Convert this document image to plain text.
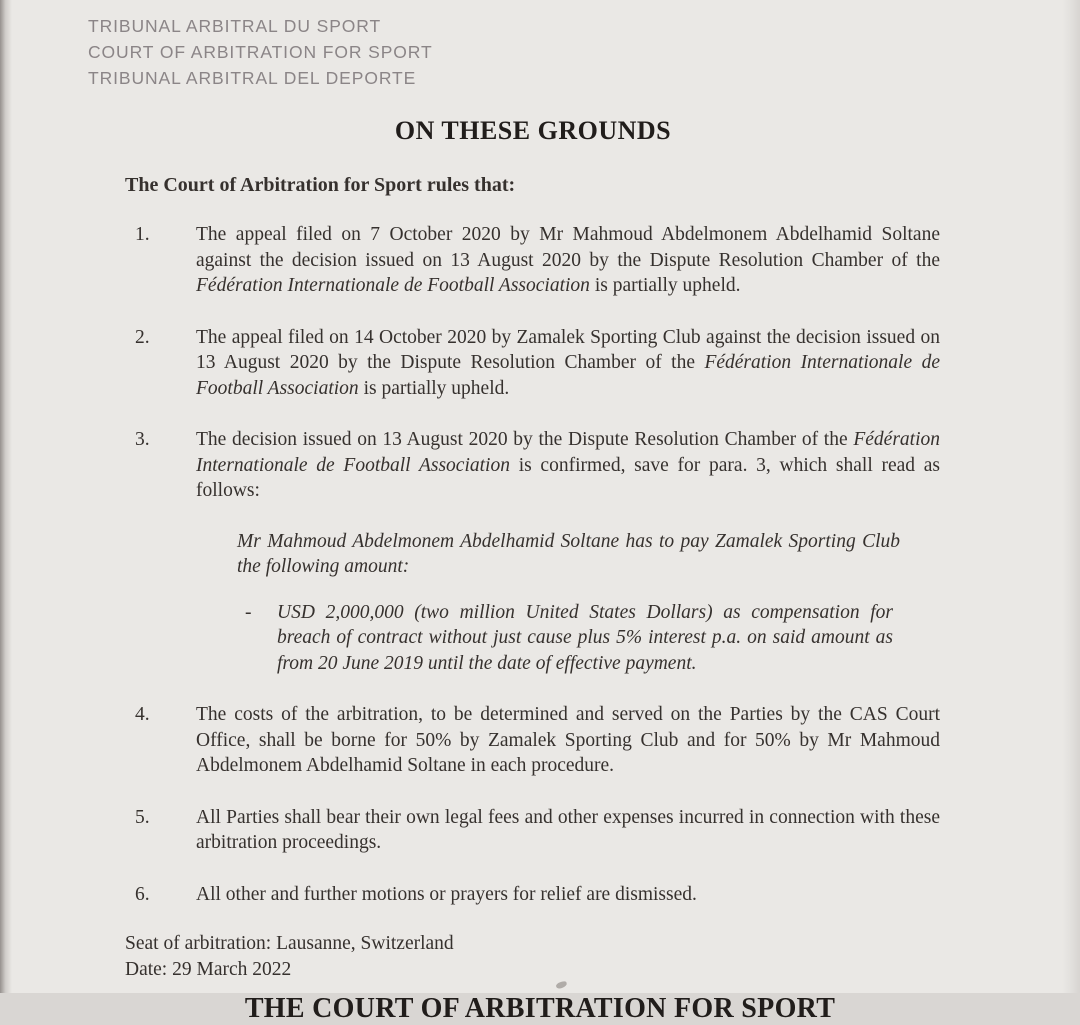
TRIBUNAL ARBITRAL DU SPORT
COURT OF ARBITRATION FOR SPORT
TRIBUNAL ARBITRAL DEL DEPORTE
ON THESE GROUNDS
The Court of Arbitration for Sport rules that:
1.	The appeal filed on 7 October 2020 by Mr Mahmoud Abdelmonem Abdelhamid Soltane against the decision issued on 13 August 2020 by the Dispute Resolution Chamber of the Fédération Internationale de Football Association is partially upheld.

2.	The appeal filed on 14 October 2020 by Zamalek Sporting Club against the decision issued on 13 August 2020 by the Dispute Resolution Chamber of the Fédération Internationale de Football Association is partially upheld.

3.	The decision issued on 13 August 2020 by the Dispute Resolution Chamber of the Fédération Internationale de Football Association is confirmed, save for para. 3, which shall read as follows:

Mr Mahmoud Abdelmonem Abdelhamid Soltane has to pay Zamalek Sporting Club the following amount:
-	USD 2,000,000 (two million United States Dollars) as compensation for breach of contract without just cause plus 5% interest p.a. on said amount as from 20 June 2019 until the date of effective payment.

4.	The costs of the arbitration, to be determined and served on the Parties by the CAS Court Office, shall be borne for 50% by Zamalek Sporting Club and for 50% by Mr Mahmoud Abdelmonem Abdelhamid Soltane in each procedure.

5.	All Parties shall bear their own legal fees and other expenses incurred in connection with these arbitration proceedings.

6.	All other and further motions or prayers for relief are dismissed.

Seat of arbitration: Lausanne, Switzerland
Date: 29 March 2022
THE COURT OF ARBITRATION FOR SPORT
